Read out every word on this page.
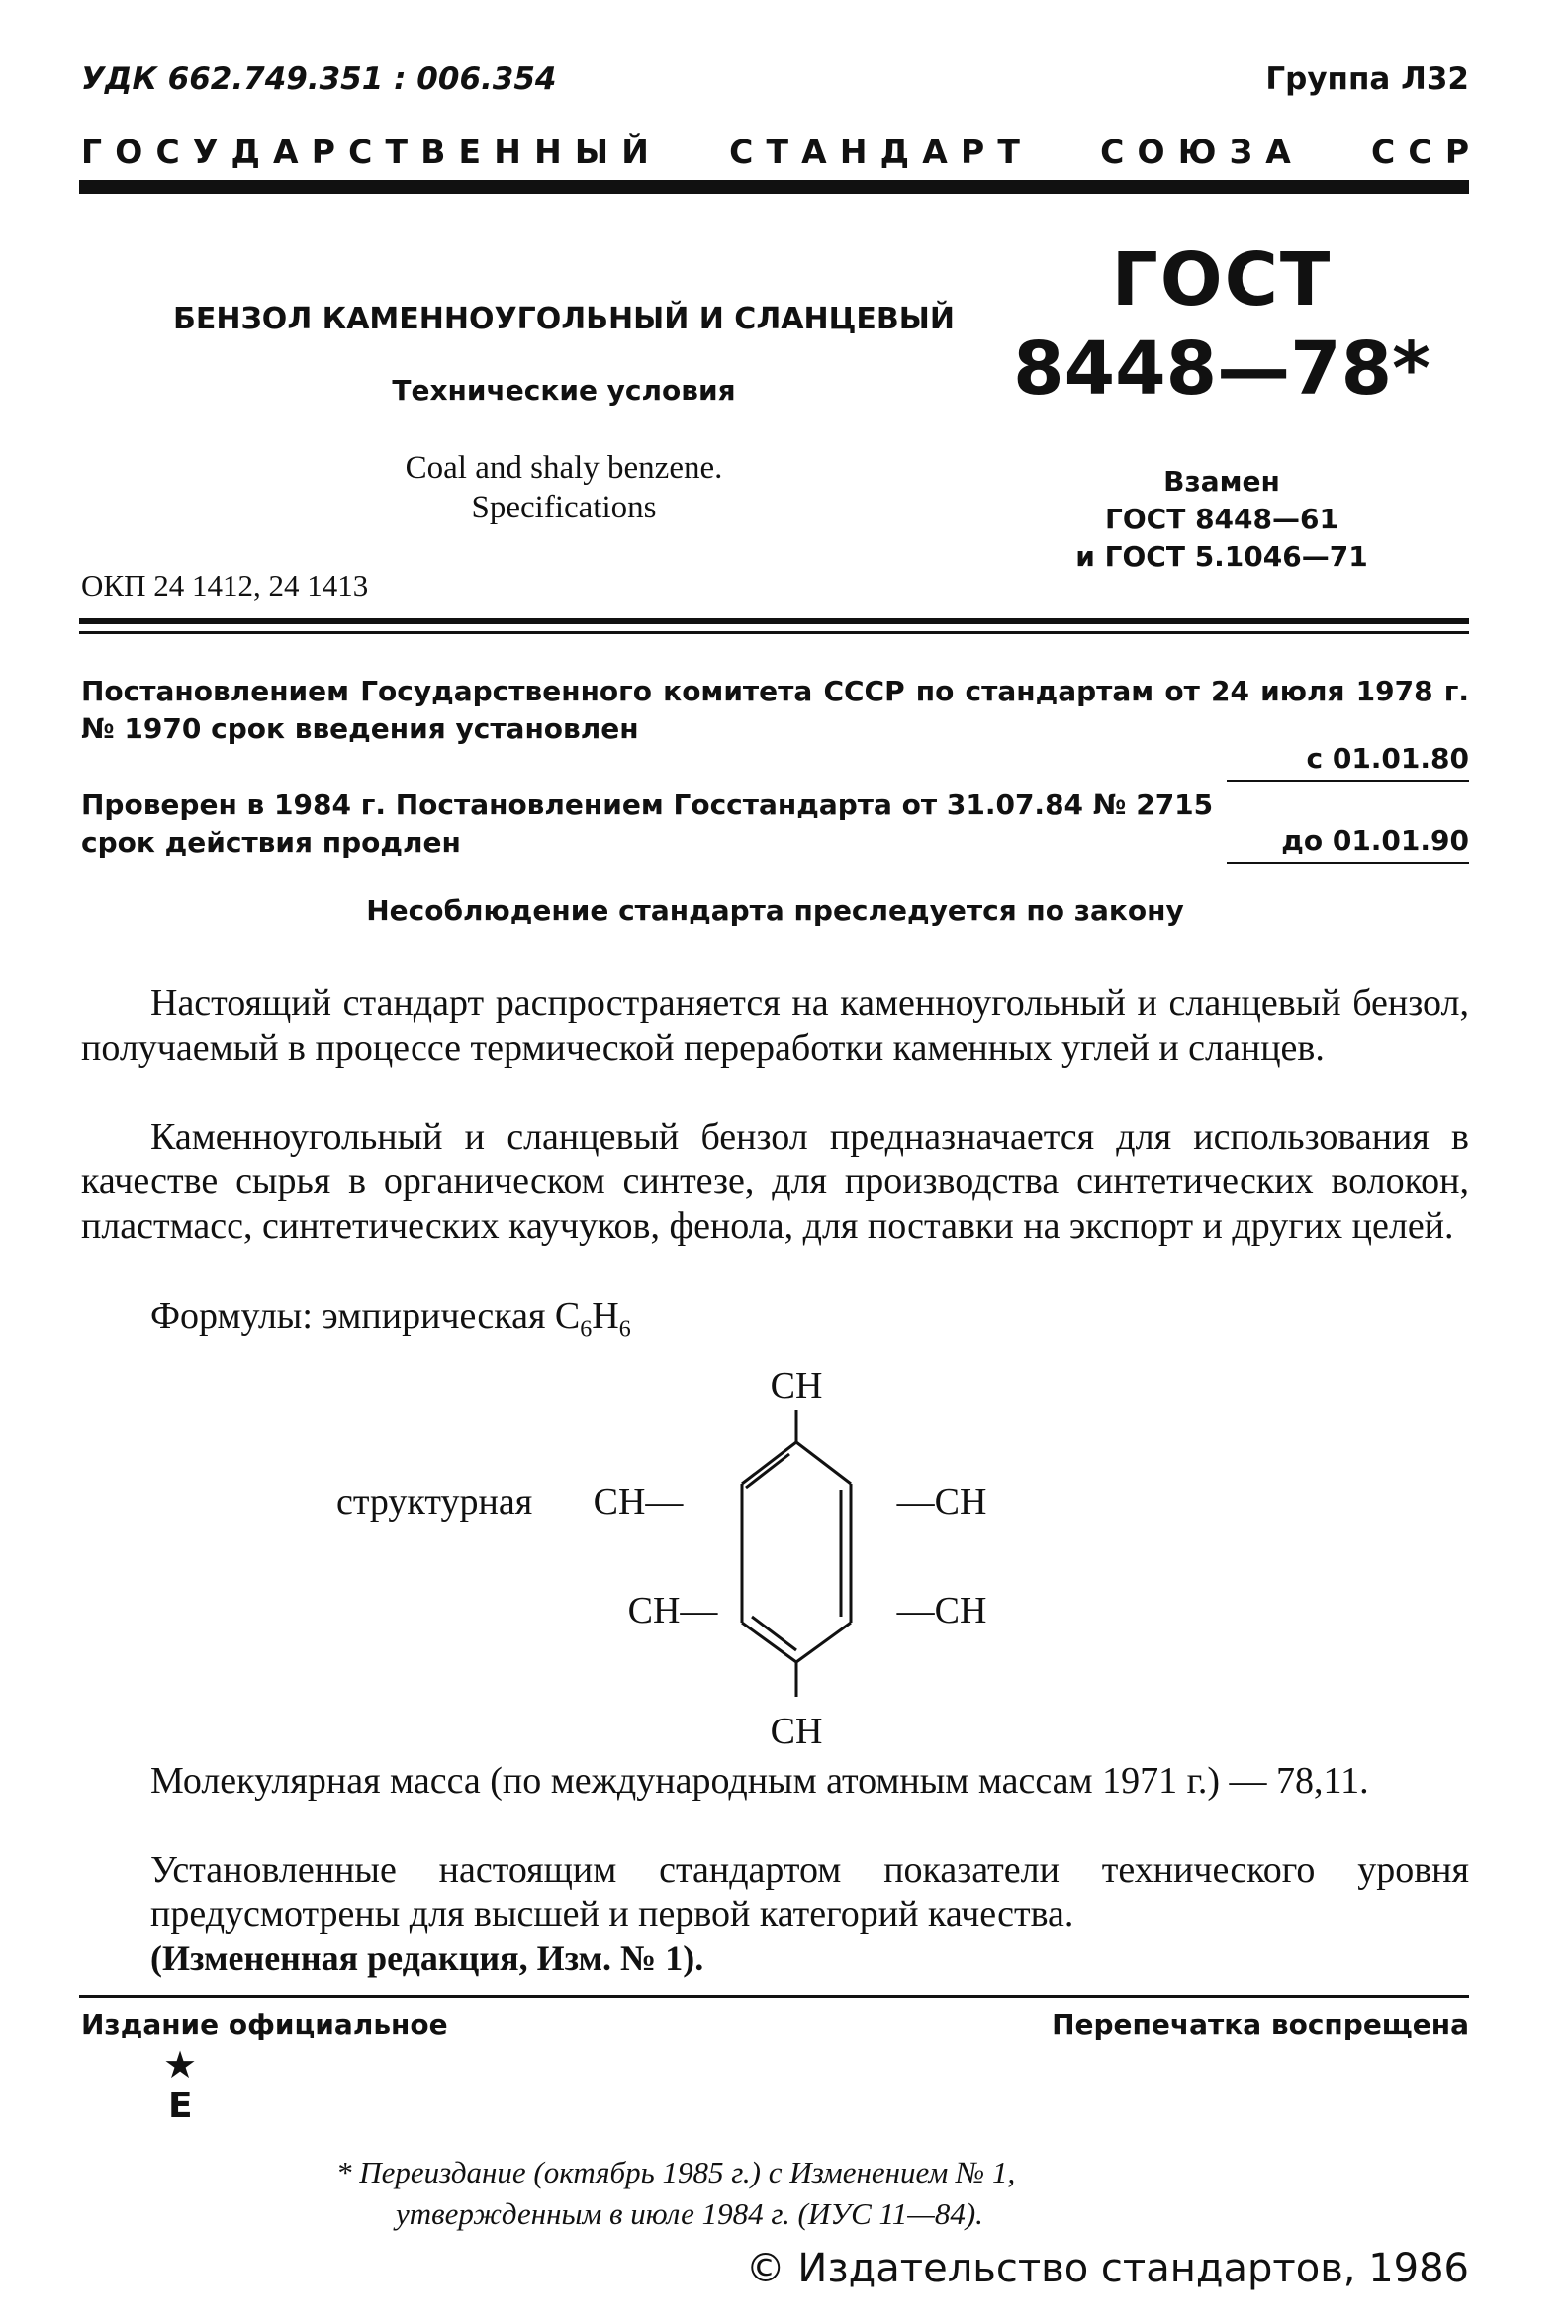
УДК 662.749.351 : 006.354	Группа Л32
Г  О  С  У  Д  А  Р  С  Т  В  Е  Н  Н  Ы  Й С  Т  А  Н  Д  А  Р  Т С  О  Ю  З  А С  С  Р
БЕНЗОЛ КАМЕННОУГОЛЬНЫЙ И СЛАНЦЕВЫЙ
Технические условия
Coal and shaly benzene.
Specifications
ОКП 24 1412, 24 1413
ГОСТ
8448—78*
Взамен
ГОСТ 8448—61
и ГОСТ 5.1046—71
Постановлением Государственного комитета СССР по стандартам от 24 июля 1978 г. № 1970 срок введения установлен
с 01.01.80
Проверен в 1984 г. Постановлением Госстандарта от 31.07.84 № 2715 срок действия продлен	до 01.01.90
Несоблюдение стандарта преследуется по закону
Настоящий стандарт распространяется на каменноугольный и сланцевый бензол, получаемый в процессе термической переработки каменных углей и сланцев.
Каменноугольный и сланцевый бензол предназначается для использования в качестве сырья в органическом синтезе, для производства синтетических волокон, пластмасс, синтетических каучуков, фенола, для поставки на экспорт и других целей.
Формулы: эмпирическая $C_6H_6$
структурная
CH
CH—	—CH
CH—	—CH
CH
Молекулярная масса (по международным атомным массам 1971 г.) — 78,11.
Установленные настоящим стандартом показатели технического уровня предусмотрены для высшей и первой категорий качества.
(Измененная редакция, Изм. № 1).
Издание официальное	Перепечатка воспрещена
★
Е
* Переиздание (октябрь 1985 г.) с Изменением № 1,
утвержденным в июле 1984 г. (ИУС 11—84).
© Издательство стандартов, 1986
